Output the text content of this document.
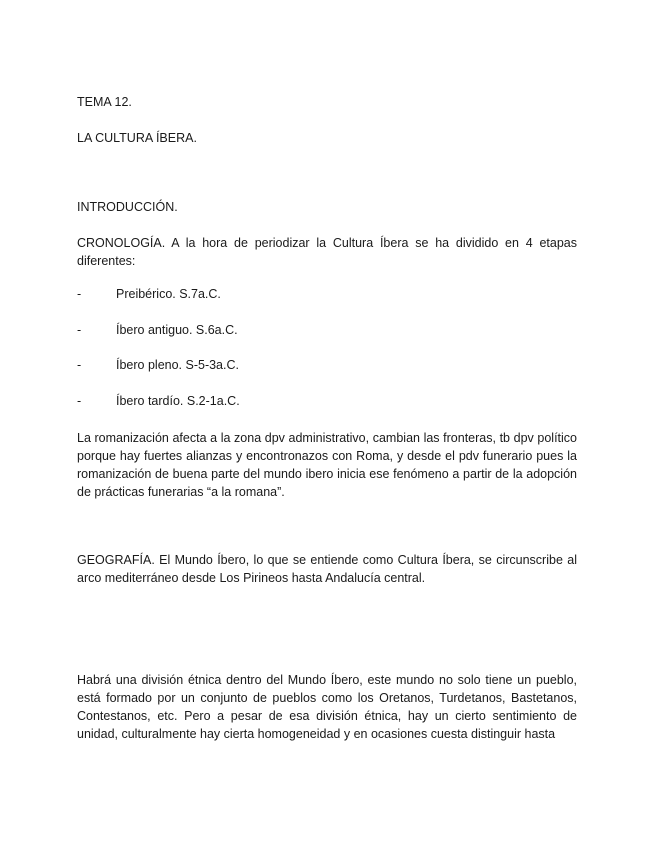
TEMA 12.
LA CULTURA ÍBERA.
INTRODUCCIÓN.

CRONOLOGÍA. A la hora de periodizar la Cultura Íbera se ha dividido en 4 etapas diferentes:

-	Preibérico. S.7a.C.
-	Íbero antiguo. S.6a.C.
-	Íbero pleno. S-5-3a.C.
-	Íbero tardío. S.2-1a.C.

La romanización afecta a la zona dpv administrativo, cambian las fronteras, tb dpv político porque hay fuertes alianzas y encontronazos con Roma, y desde el pdv funerario pues la romanización de buena parte del mundo ibero inicia ese fenómeno a partir de la adopción de prácticas funerarias “a la romana”.

GEOGRAFÍA. El Mundo Íbero, lo que se entiende como Cultura Íbera, se circunscribe al arco mediterráneo desde Los Pirineos hasta Andalucía central.

Habrá una división étnica dentro del Mundo Íbero, este mundo no solo tiene un pueblo, está formado por un conjunto de pueblos como los Oretanos, Turdetanos, Bastetanos, Contestanos, etc. Pero a pesar de esa división étnica, hay un cierto sentimiento de unidad, culturalmente hay cierta homogeneidad y en ocasiones cuesta distinguir hasta
